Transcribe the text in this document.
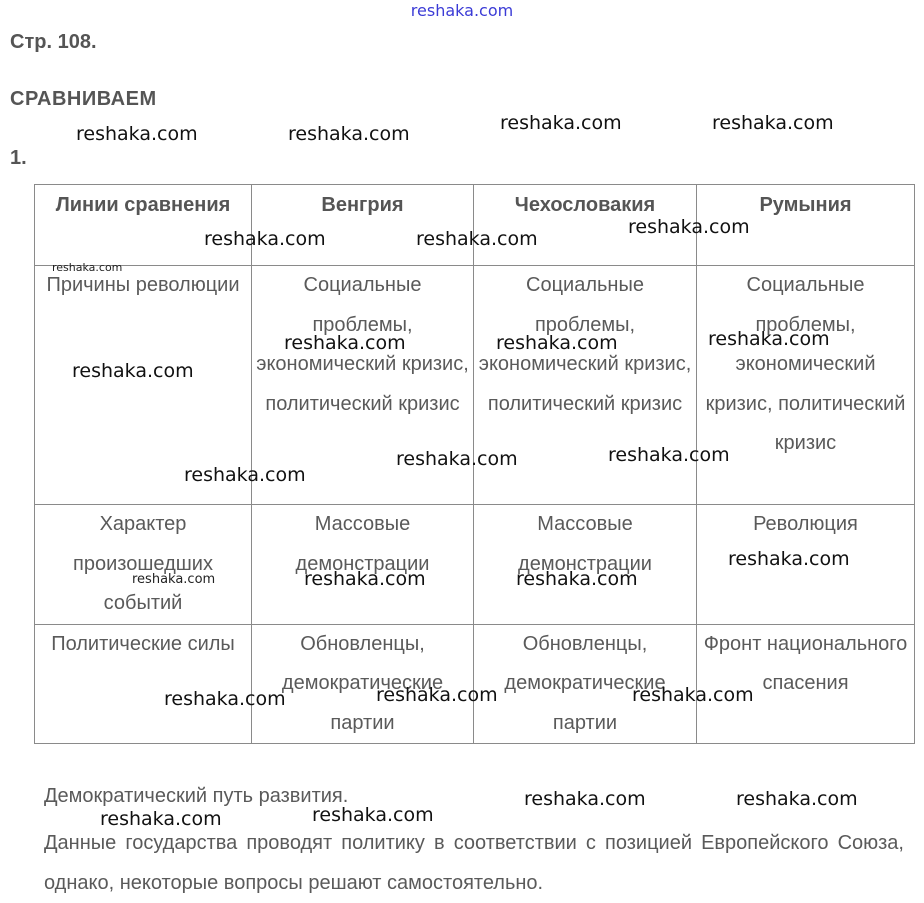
reshaka.com
Стр. 108.
СРАВНИВАЕМ
1.
Линии сравнения	Венгрия	Чехословакия	Румыния
Причины революции	Социальные проблемы, экономический кризис, политический кризис	Социальные проблемы, экономический кризис, политический кризис	Социальные проблемы, экономический кризис, политический кризис
Характер произошедших событий	Массовые демонстрации	Массовые демонстрации	Революция
Политические силы	Обновленцы, демократические партии	Обновленцы, демократические партии	Фронт национального спасения
Демократический путь развития.
Данные государства проводят политику в соответствии с позицией Европейского Союза, однако, некоторые вопросы решают самостоятельно.
reshaka.com	reshaka.com	reshaka.com	reshaka.com
reshaka.com	reshaka.com
reshaka.com
reshaka.com
reshaka.com	reshaka.com	reshaka.com
reshaka.com
reshaka.com
reshaka.com	reshaka.com
reshaka.com
reshaka.com	reshaka.com	reshaka.com
reshaka.com	reshaka.com	reshaka.com
reshaka.com	reshaka.com
reshaka.com
reshaka.com
